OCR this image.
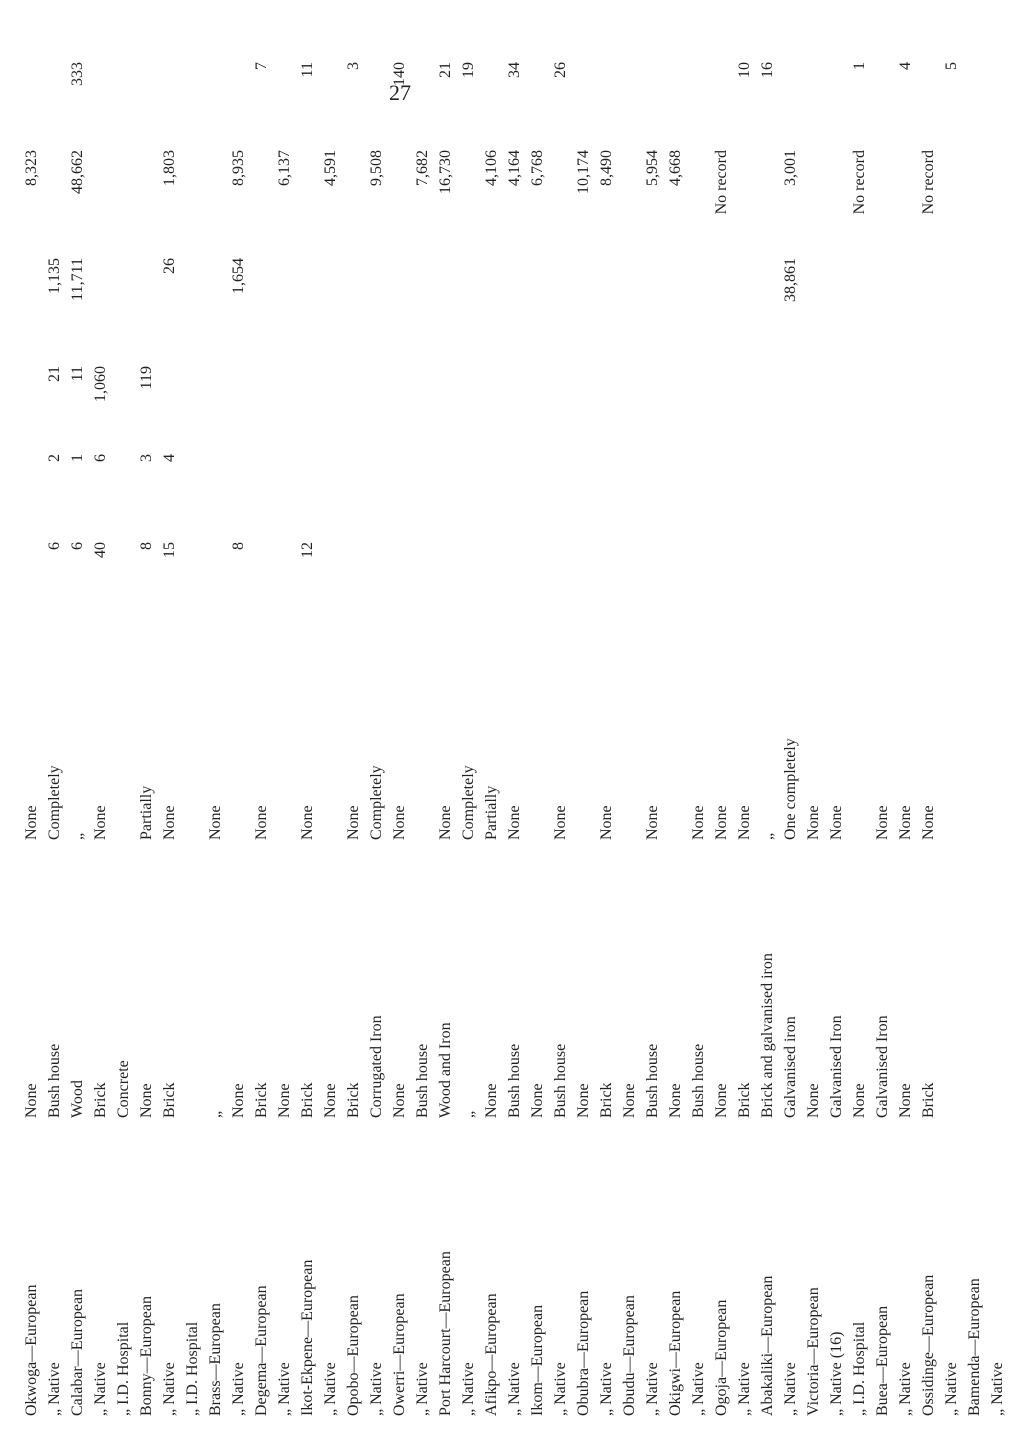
27
Okwoga—European	None	None					8,323	
„ Native	Bush house	Completely	6	2	21	1,135		
Calabar—European	Wood	„	6	1	11	11,711	48,662	333
„ Native	Brick	None	40	6	1,060			
„ I.D. Hospital	Concrete							
Bonny—European	None	Partially	8	3	119			
„ Native	Brick	None	15	4		26	1,803	
„ I.D. Hospital								
Brass—European	„	None						
„ Native	None		8			1,654	8,935	
Degema—European	Brick	None						7
„ Native	None						6,137	
Ikot-Ekpene—European	Brick	None	12					11
„ Native	None						4,591	
Opobo—European	Brick	None						3
„ Native	Corrugated Iron	Completely					9,508	
Owerri—European	None	None						140
„ Native	Bush house						7,682	
Port Harcourt—European	Wood and Iron	None					16,730	21
„ Native	„	Completely						19
Afikpo—European	None	Partially					4,106	
„ Native	Bush house	None					4,164	34
Ikom—European	None						6,768	
„ Native	Bush house	None						26
Obubra—European	None						10,174	
„ Native	Brick	None					8,490	
Obudu—European	None							
„ Native	Bush house	None					5,954	
Okigwi—European	None						4,668	
„ Native	Bush house	None						
Ogoja—European	None	None					No record	
„ Native	Brick	None						10
Abakaliki—European	Brick and galvanised iron	„						16
„ Native	Galvanised iron	One completely				38,861	3,001	
Victoria—European	None	None						
„ Native (16)	Galvanised Iron	None						
„ I.D. Hospital	None						No record	1
Buea—European	Galvanised Iron	None						
„ Native	None	None						4
Ossidinge—European	Brick	None					No record	
„ Native								5
Bamenda—European								
„ Native								
